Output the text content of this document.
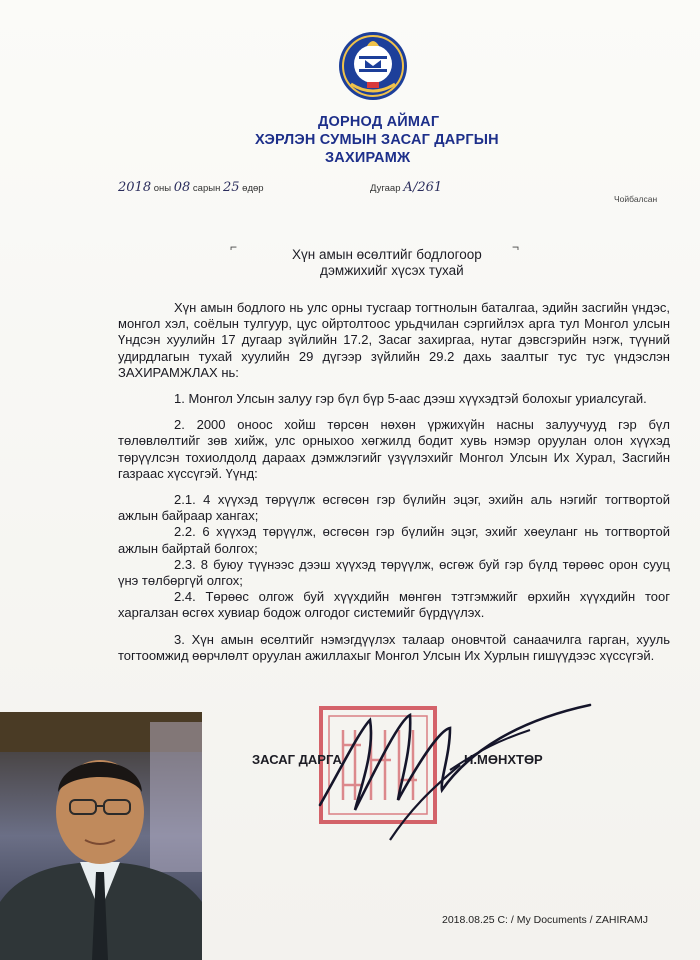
ДОРНОД АЙМАГ
ХЭРЛЭН СУМЫН ЗАСАГ ДАРГЫН
ЗАХИРАМЖ
2018 оны 08 сарын 25 өдөр	Дугаар А/261
Чойбалсан
⌐	¬
Хүн амын өсөлтийг бодлогоор
дэмжихийг хүсэх тухай

Хүн амын бодлого нь улс орны тусгаар тогтнолын баталгаа, эдийн засгийн үндэс, монгол хэл, соёлын тулгуур, цус ойртолтоос урьдчилан сэргийлэх арга тул Монгол улсын Үндсэн хуулийн 17 дугаар зүйлийн 17.2, Засаг захиргаа, нутаг дэвсгэрийн нэгж, түүний удирдлагын тухай хуулийн 29 дүгээр зүйлийн 29.2 дахь заалтыг тус тус үндэслэн ЗАХИРАМЖЛАХ нь:

1. Монгол Улсын залуу гэр бүл бүр 5-аас дээш хүүхэдтэй болохыг уриалсугай.

2. 2000 оноос хойш төрсөн нөхөн үржихүйн насны залуучууд гэр бүл төлөвлөлтийг зөв хийж, улс орныхоо хөгжилд бодит хувь нэмэр оруулан олон хүүхэд төрүүлсэн тохиолдолд дараах дэмжлэгийг үзүүлэхийг Монгол Улсын Их Хурал, Засгийн газраас хүссүгэй. Үүнд:

2.1. 4 хүүхэд төрүүлж өсгөсөн гэр бүлийн эцэг, эхийн аль нэгийг тогтвортой ажлын байраар хангах;

2.2. 6 хүүхэд төрүүлж, өсгөсөн гэр бүлийн эцэг, эхийг хөеуланг нь тогтвортой ажлын байртай болгох;

2.3. 8 буюу түүнээс дээш хүүхэд төрүүлж, өсгөж буй гэр бүлд төрөөс орон сууц үнэ төлбөргүй олгох;

2.4. Төрөөс олгож буй хүүхдийн мөнгөн тэтгэмжийг өрхийн хүүхдийн тоог харгалзан өсгөх хувиар бодож олгодог системийг бүрдүүлэх.

3. Хүн амын өсөлтийг нэмэгдүүлэх талаар оновчтой санаачилга гарган, хууль тогтоомжид өөрчлөлт оруулан ажиллахыг Монгол Улсын Их Хурлын гишүүдээс хүссүгэй.

ЗАСАГ ДАРГА	Н.МӨНХТӨР
2018.08.25 C: / My Documents / ZAHIRAMJ
